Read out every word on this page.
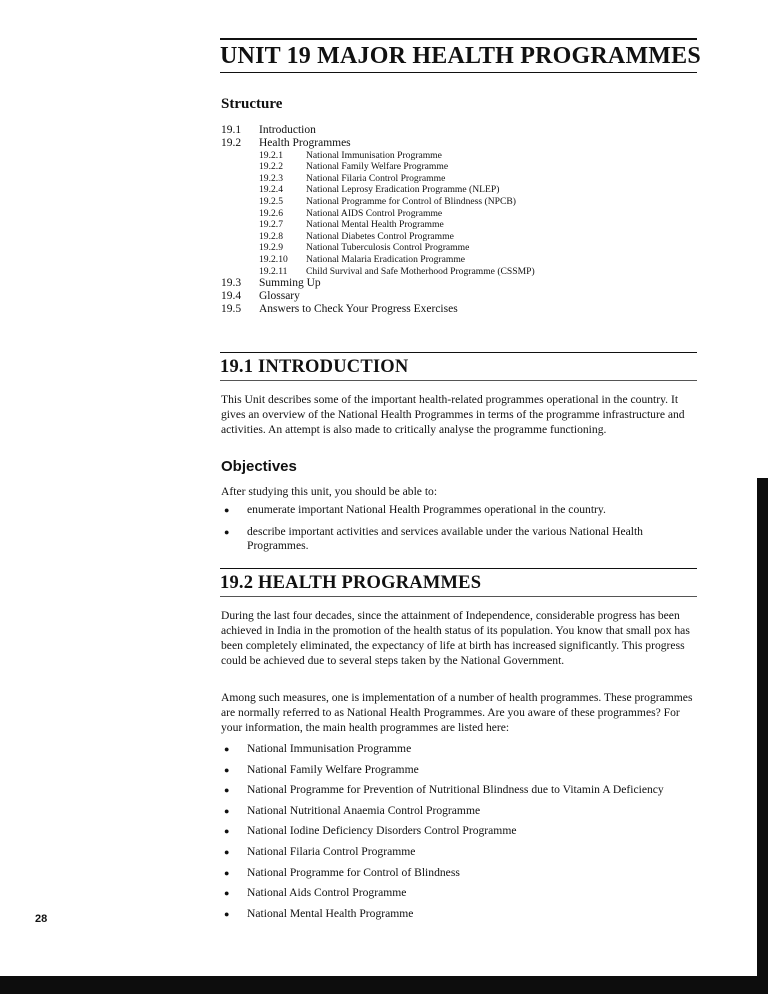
UNIT 19 MAJOR HEALTH PROGRAMMES
Structure
19.1 Introduction
19.2 Health Programmes
19.2.1 National Immunisation Programme
19.2.2 National Family Welfare Programme
19.2.3 National Filaria Control Programme
19.2.4 National Leprosy Eradication Programme (NLEP)
19.2.5 National Programme for Control of Blindness (NPCB)
19.2.6 National AIDS Control Programme
19.2.7 National Mental Health Programme
19.2.8 National Diabetes Control Programme
19.2.9 National Tuberculosis Control Programme
19.2.10 National Malaria Eradication Programme
19.2.11 Child Survival and Safe Motherhood Programme (CSSMP)
19.3 Summing Up
19.4 Glossary
19.5 Answers to Check Your Progress Exercises
19.1 INTRODUCTION
This Unit describes some of the important health-related programmes operational in the country. It gives an overview of the National Health Programmes in terms of the programme infrastructure and activities. An attempt is also made to critically analyse the programme functioning.
Objectives
After studying this unit, you should be able to:
● enumerate important National Health Programmes operational in the country.
● describe important activities and services available under the various National Health Programmes.
19.2 HEALTH PROGRAMMES
During the last four decades, since the attainment of Independence, considerable progress has been achieved in India in the promotion of the health status of its population. You know that small pox has been completely eliminated, the expectancy of life at birth has increased significantly. This progress could be achieved due to several steps taken by the National Government.
Among such measures, one is implementation of a number of health programmes. These programmes are normally referred to as National Health Programmes. Are you aware of these programmes? For your information, the main health programmes are listed here:
● National Immunisation Programme
● National Family Welfare Programme
● National Programme for Prevention of Nutritional Blindness due to Vitamin A Deficiency
● National Nutritional Anaemia Control Programme
● National Iodine Deficiency Disorders Control Programme
● National Filaria Control Programme
● National Programme for Control of Blindness
● National Aids Control Programme
● National Mental Health Programme
28
